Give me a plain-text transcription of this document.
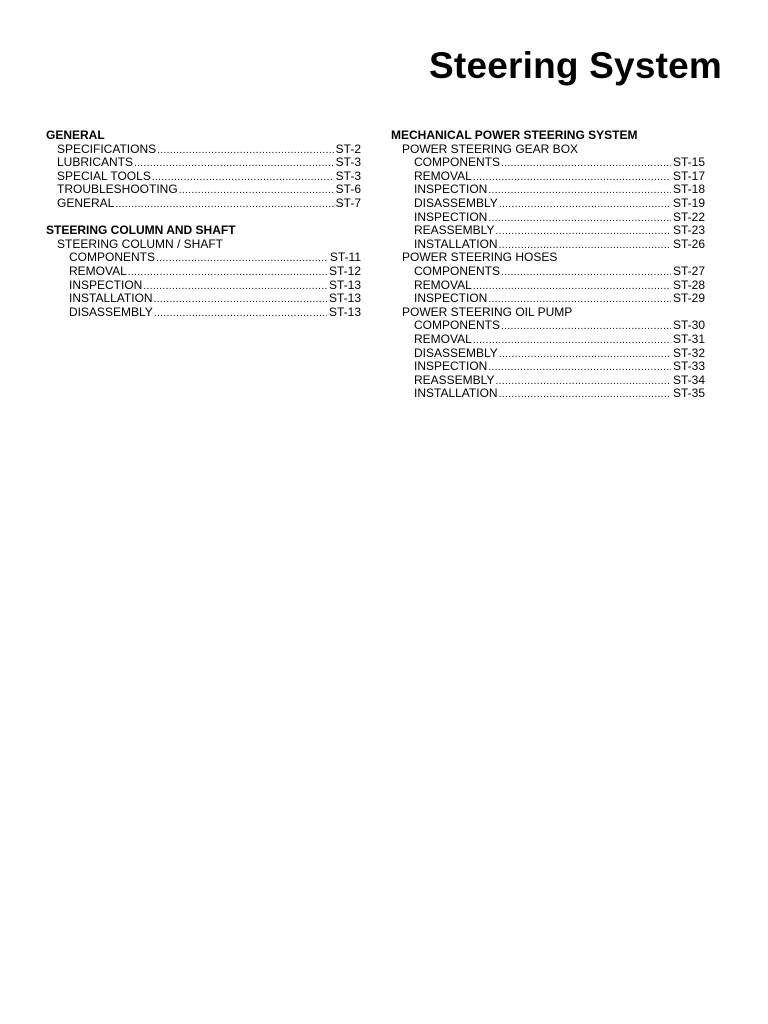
Steering System
GENERAL
SPECIFICATIONS .....	ST-2
LUBRICANTS .....	ST-3
SPECIAL TOOLS .....	ST-3
TROUBLESHOOTING .....	ST-6
GENERAL .....	ST-7
STEERING COLUMN AND SHAFT
STEERING COLUMN / SHAFT
COMPONENTS .....	ST-11
REMOVAL .....	ST-12
INSPECTION .....	ST-13
INSTALLATION .....	ST-13
DISASSEMBLY .....	ST-13
MECHANICAL POWER STEERING SYSTEM
POWER STEERING GEAR BOX
COMPONENTS .....	ST-15
REMOVAL .....	ST-17
INSPECTION .....	ST-18
DISASSEMBLY .....	ST-19
INSPECTION .....	ST-22
REASSEMBLY .....	ST-23
INSTALLATION .....	ST-26
POWER STEERING HOSES
COMPONENTS .....	ST-27
REMOVAL .....	ST-28
INSPECTION .....	ST-29
POWER STEERING OIL PUMP
COMPONENTS .....	ST-30
REMOVAL .....	ST-31
DISASSEMBLY .....	ST-32
INSPECTION .....	ST-33
REASSEMBLY .....	ST-34
INSTALLATION .....	ST-35
